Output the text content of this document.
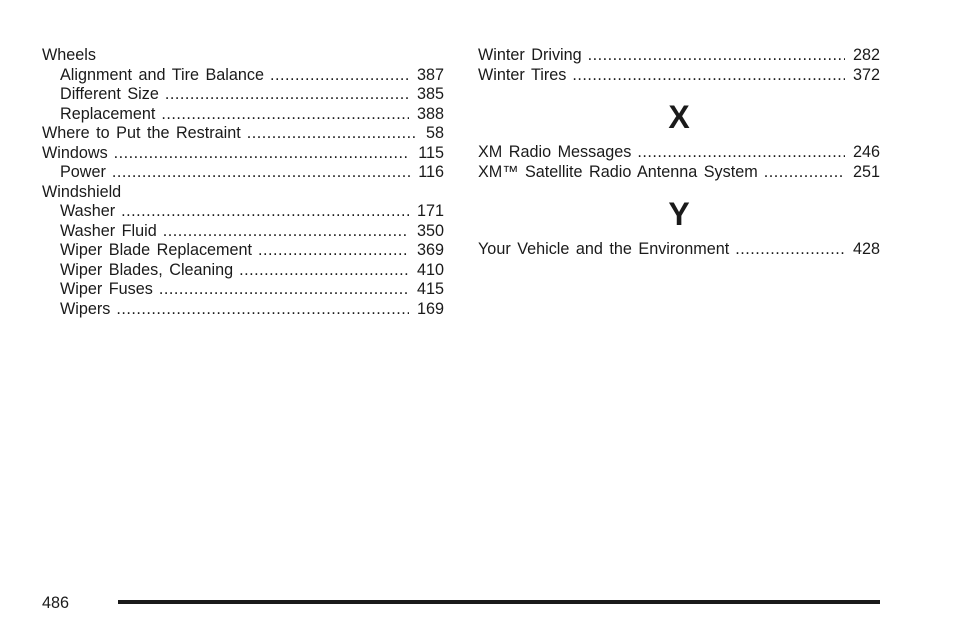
Wheels
Alignment and Tire Balance .....	387
Different Size .....	385
Replacement .....	388
Where to Put the Restraint .....	58
Windows .....	115
Power .....	116
Windshield
Washer .....	171
Washer Fluid .....	350
Wiper Blade Replacement .....	369
Wiper Blades, Cleaning .....	410
Wiper Fuses .....	415
Wipers .....	169
Winter Driving .....	282
Winter Tires .....	372
X
XM Radio Messages .....	246
XM™ Satellite Radio Antenna System .....	251
Y
Your Vehicle and the Environment .....	428
486
